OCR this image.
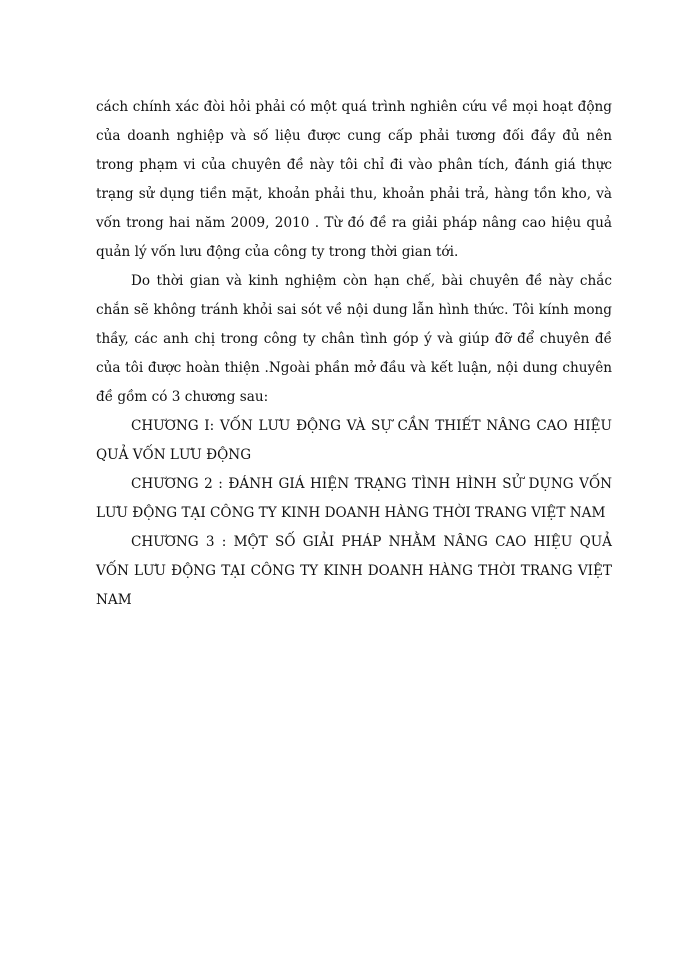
cách chính xác đòi hỏi phải có một quá trình nghiên cứu về mọi hoạt động của doanh nghiệp và số liệu được cung cấp phải tương đối đầy đủ nên trong phạm vi của chuyên đề này tôi chỉ đi vào phân tích, đánh giá thực trạng sử dụng tiền mặt, khoản phải thu, khoản phải trả, hàng tồn kho, và vốn trong hai năm 2009, 2010 . Từ đó đề ra giải pháp nâng cao hiệu quả quản lý vốn lưu động của công ty trong thời gian tới.

Do thời gian và kinh nghiệm còn hạn chế, bài chuyên đề này chắc chắn sẽ không tránh khỏi sai sót về nội dung lẫn hình thức. Tôi kính mong thầy, các anh chị trong công ty chân tình góp ý và giúp đỡ để chuyên đề của tôi được hoàn thiện .Ngoài phần mở đầu và kết luận, nội dung chuyên đề gồm có 3 chương sau:

CHƯƠNG I: VỐN LƯU ĐỘNG VÀ SỰ CẦN THIẾT NÂNG CAO HIỆU QUẢ VỐN LƯU ĐỘNG

CHƯƠNG 2 : ĐÁNH GIÁ HIỆN TRẠNG TÌNH HÌNH SỬ DỤNG VỐN LƯU ĐỘNG TẠI CÔNG TY KINH DOANH HÀNG THỜI TRANG VIỆT NAM

CHƯƠNG 3 : MỘT SỐ GIẢI PHÁP NHẰM NÂNG CAO HIỆU QUẢ VỐN LƯU ĐỘNG TẠI CÔNG TY KINH DOANH HÀNG THỜI TRANG VIỆT NAM
